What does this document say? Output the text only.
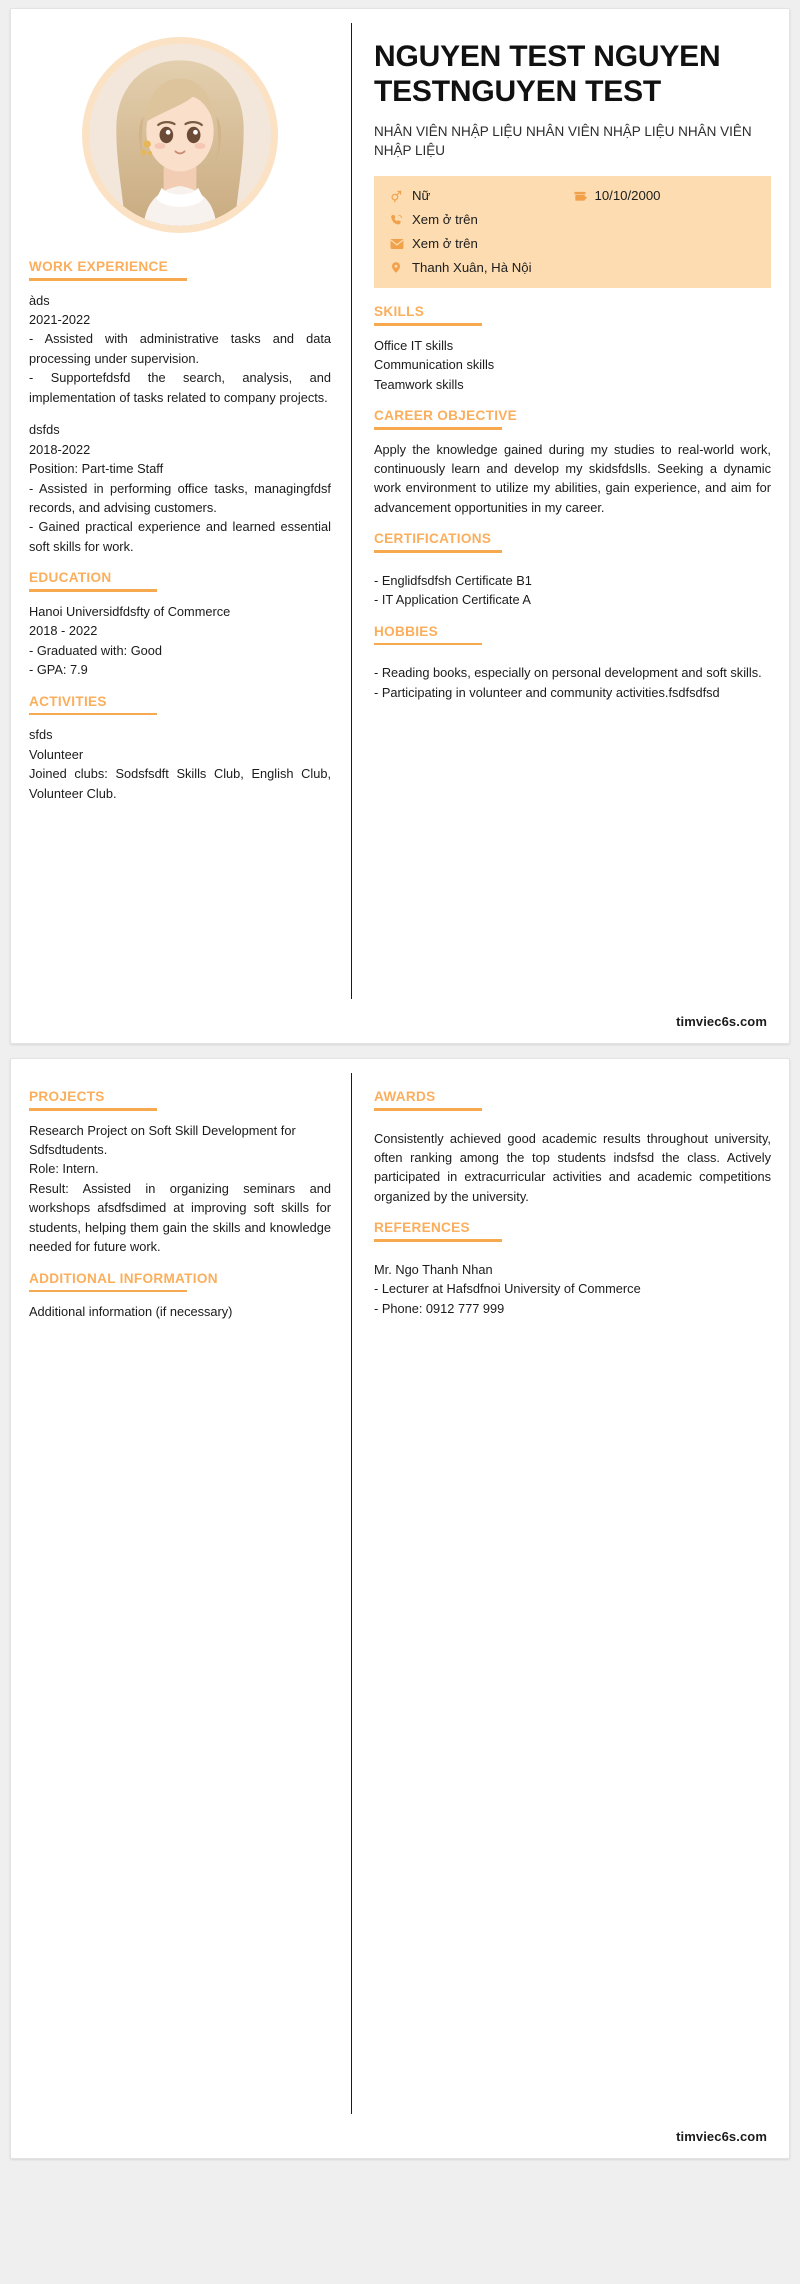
WORK EXPERIENCE
àds
2021-2022
- Assisted with administrative tasks and data processing under supervision.
- Supportefdsfd the search, analysis, and implementation of tasks related to company projects.
dsfds
2018-2022
Position: Part-time Staff
- Assisted in performing office tasks, managingfdsf records, and advising customers.
- Gained practical experience and learned essential soft skills for work.
EDUCATION
Hanoi Universidfdsfty of Commerce
2018 - 2022
- Graduated with: Good
- GPA: 7.9
ACTIVITIES
sfds
Volunteer
Joined clubs: Sodsfsdft Skills Club, English Club, Volunteer Club.
NGUYEN TEST NGUYEN TESTNGUYEN TEST
NHÂN VIÊN NHẬP LIỆU NHÂN VIÊN NHẬP LIỆU NHÂN VIÊN NHẬP LIỆU
Nữ	10/10/2000
Xem ở trên
Xem ở trên
Thanh Xuân, Hà Nội
SKILLS
Office IT skills
Communication skills
Teamwork skills
CAREER OBJECTIVE
Apply the knowledge gained during my studies to real-world work, continuously learn and develop my skidsfdslls. Seeking a dynamic work environment to utilize my abilities, gain experience, and aim for advancement opportunities in my career.
CERTIFICATIONS
- Englidfsdfsh Certificate B1
- IT Application Certificate A
HOBBIES
- Reading books, especially on personal development and soft skills.
- Participating in volunteer and community activities.fsdfsdfsd
timviec6s.com
PROJECTS
Research Project on Soft Skill Development for Sdfsdtudents.
Role: Intern.
Result: Assisted in organizing seminars and workshops afsdfsdimed at improving soft skills for students, helping them gain the skills and knowledge needed for future work.
ADDITIONAL INFORMATION
Additional information (if necessary)
AWARDS
Consistently achieved good academic results throughout university, often ranking among the top students indsfsd the class. Actively participated in extracurricular activities and academic competitions organized by the university.
REFERENCES
Mr. Ngo Thanh Nhan
- Lecturer at Hafsdfnoi University of Commerce
- Phone: 0912 777 999
timviec6s.com
